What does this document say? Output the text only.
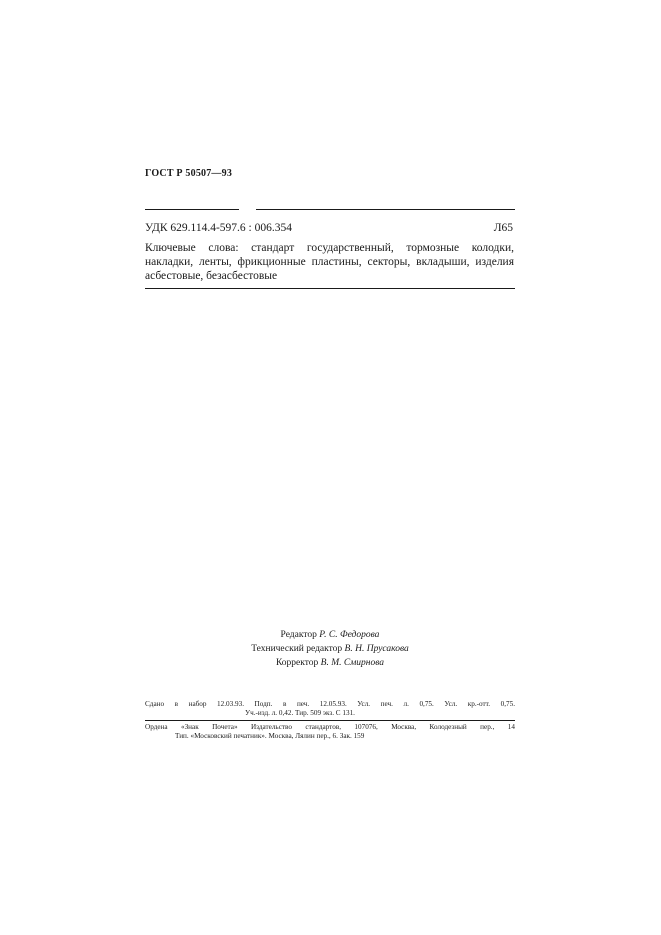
ГОСТ Р 50507—93
УДК 629.114.4-597.6 : 006.354	Л65
Ключевые слова: стандарт государственный, тормозные колодки, накладки, ленты, фрикционные пластины, секторы, вкладыши, изделия асбестовые, безасбестовые
Редактор Р. С. Федорова
Технический редактор В. Н. Прусакова
Корректор В. М. Смирнова
Сдано в набор 12.03.93. Подп. в печ. 12.05.93. Усл. печ. л. 0,75. Усл. кр.-отт. 0,75.
Уч.-изд. л. 0,42. Тир. 509 экз. С 131.
Ордена «Знак Почета» Издательство стандартов, 107076, Москва, Колодезный пер., 14
Тип. «Московский печатник». Москва, Лялин пер., 6. Зак. 159
